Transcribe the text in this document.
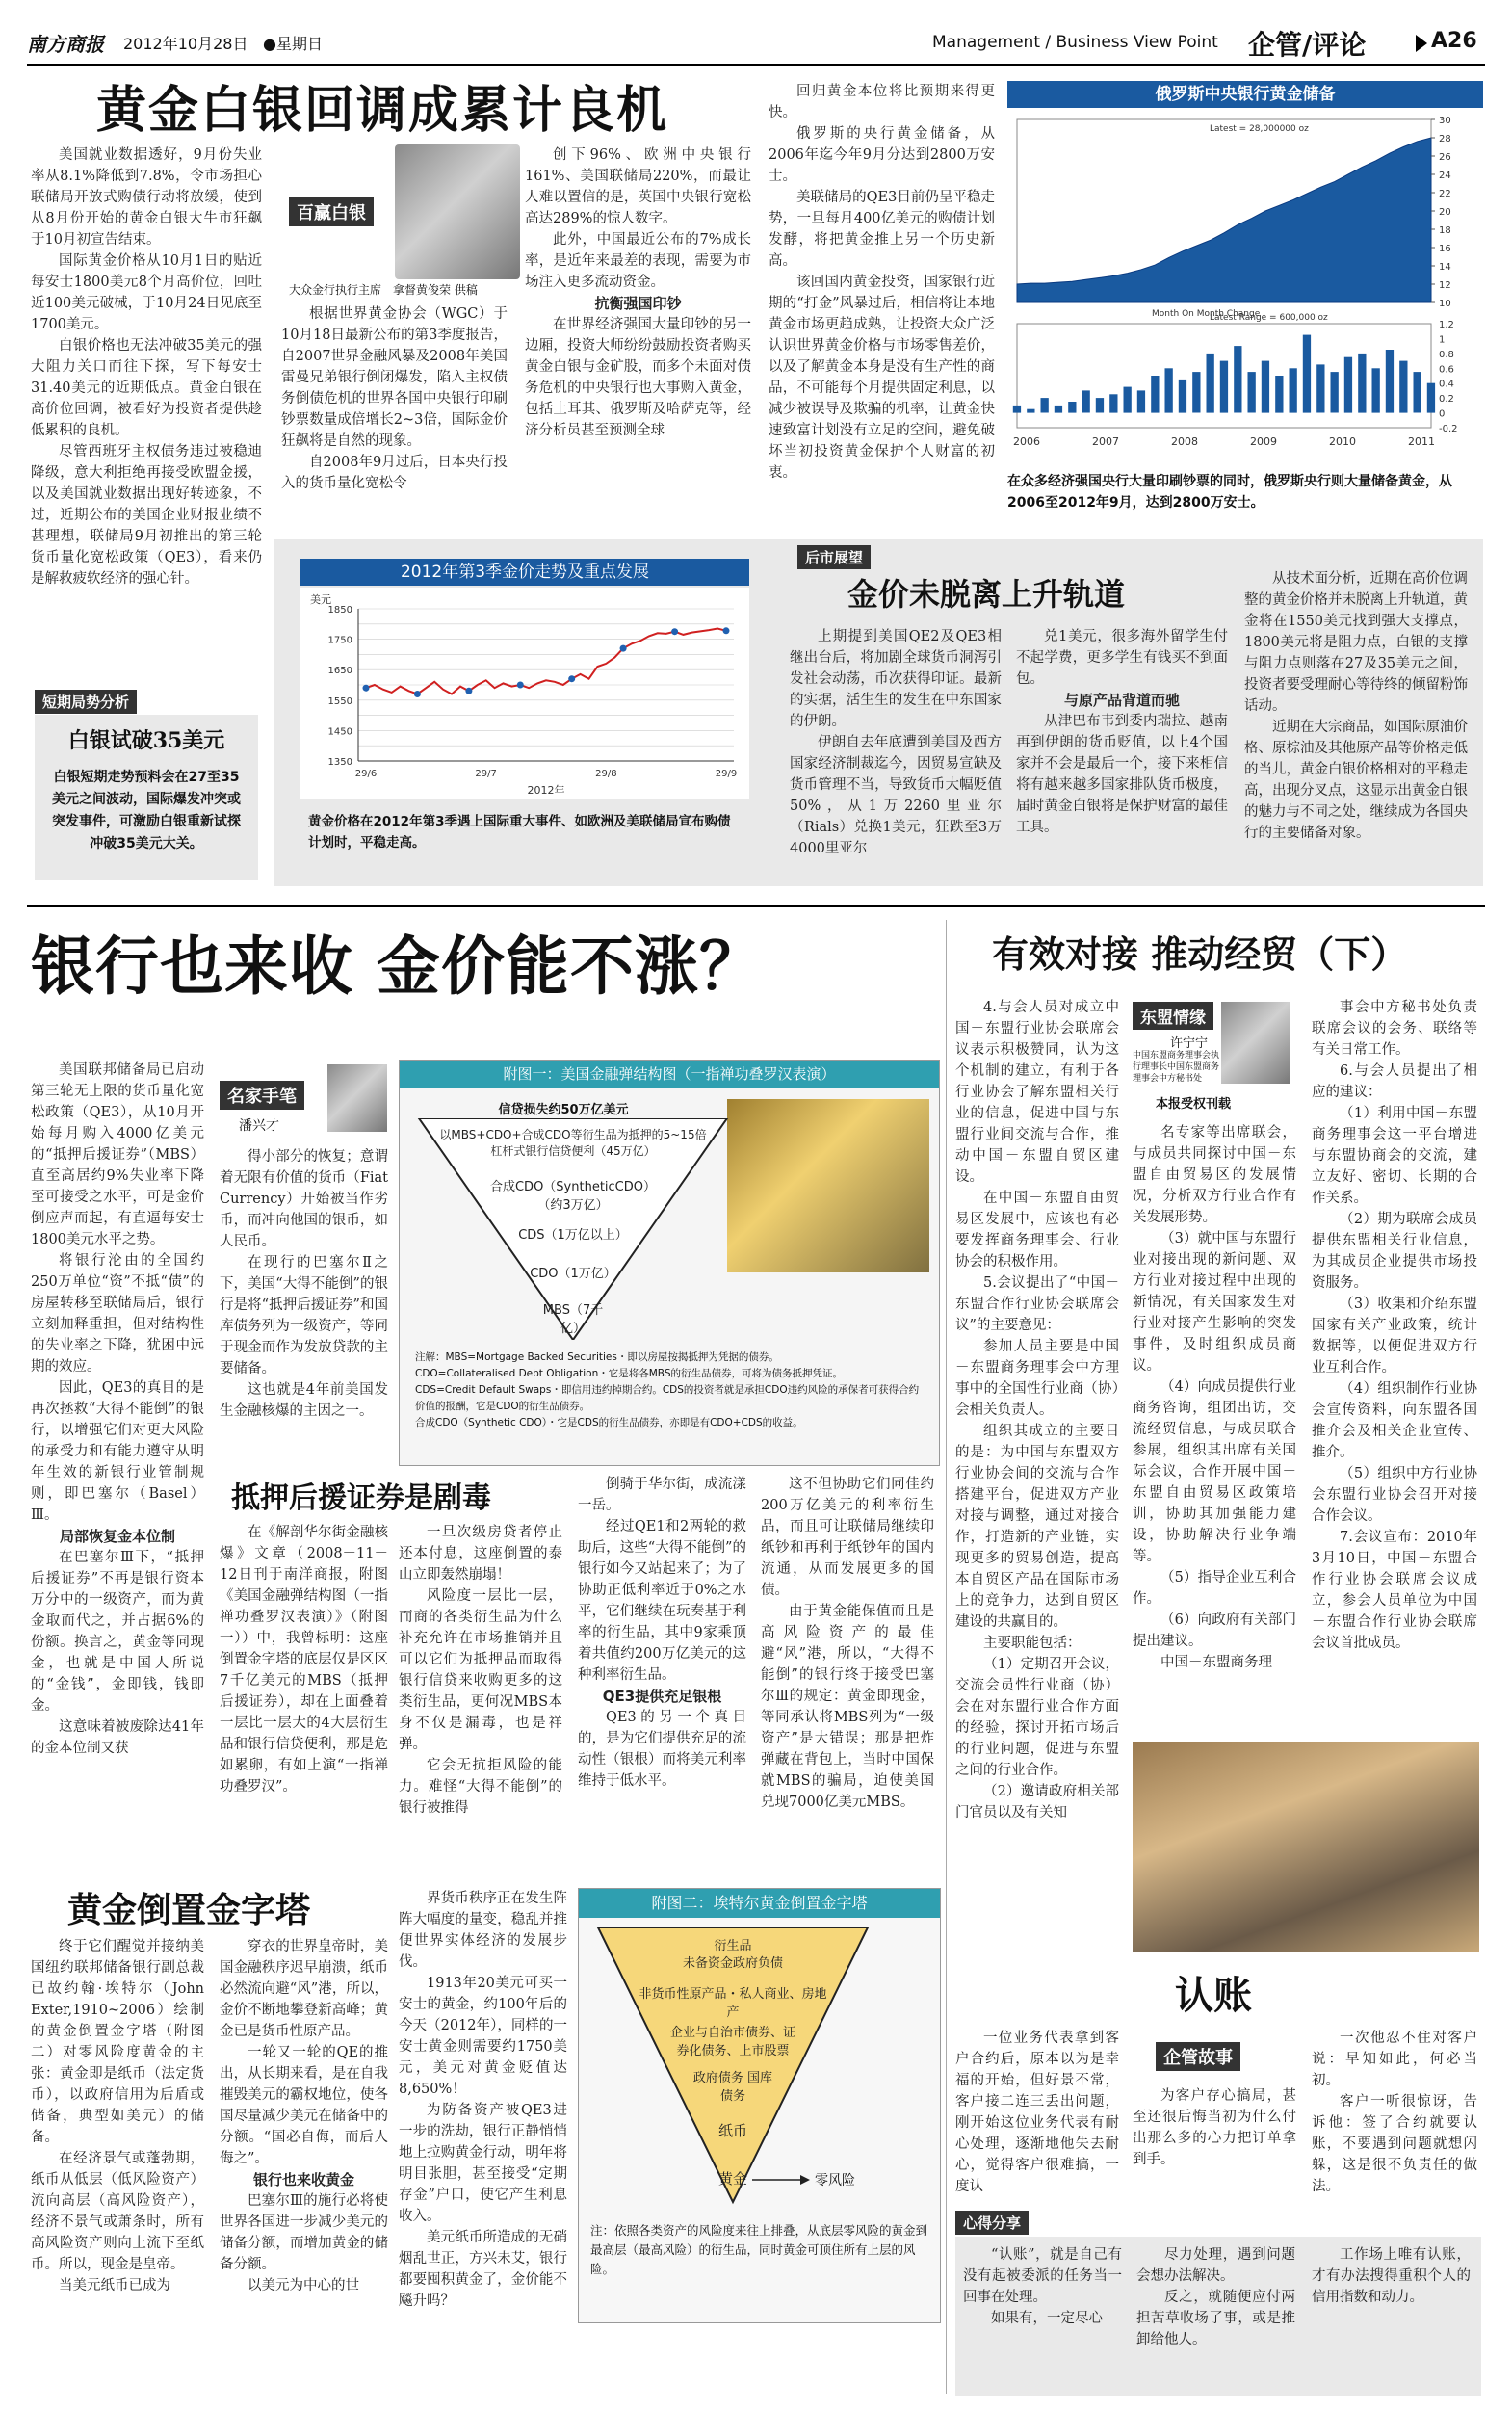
南方商报 2012年10月28日 ●星期日	Management / Business View Point 企管/评论	A26
黄金白银回调成累计良机

美国就业数据透好，9月份失业率从8.1%降低到7.8%，令市场担心联储局开放式购债行动将放缓，使到从8月份开始的黄金白银大牛市狂飙于10月初宣告结束。

国际黄金价格从10月1日的贴近每安士1800美元8个月高价位，回吐近100美元破械，于10月24日见底至1700美元。

白银价格也无法冲破35美元的强大阻力关口而往下探，写下每安士31.40美元的近期低点。黄金白银在高价位回调，被看好为投资者提供趁低累积的良机。

尽管西班牙主权债务违过被稳迪降级，意大利拒绝再接受欧盟金援，以及美国就业数据出现好转迹象，不过，近期公布的美国企业财报业绩不甚理想，联储局9月初推出的第三轮货币量化宽松政策（QE3），看来仍是解救疲软经济的强心针。

百赢白银
大众金行执行主席　拿督黄俊荣 供稿

根据世界黄金协会（WGC）于10月18日最新公布的第3季度报告，自2007世界金融风暴及2008年美国雷曼兄弟银行倒闭爆发，陷入主权债务倒债危机的世界各国中央银行印刷钞票数量成倍增长2~3倍，国际金价狂飙将是自然的现象。

自2008年9月过后，日本央行投入的货币量化宽松令

创下96%、欧洲中央银行161%、美国联储局220%，而最让人难以置信的是，英国中央银行宽松高达289%的惊人数字。

此外，中国最近公布的7%成长率，是近年来最差的表现，需要为市场注入更多流动资金。

抗衡强国印钞

在世界经济强国大量印钞的另一边厢，投资大师纷纷鼓励投资者购买黄金白银与金矿股，而多个未面对债务危机的中央银行也大事购入黄金，包括土耳其、俄罗斯及哈萨克等，经济分析员甚至预测全球

回归黄金本位将比预期来得更快。

俄罗斯的央行黄金储备，从2006年迄今年9月分达到2800万安士。

美联储局的QE3目前仍呈平稳走势，一旦每月400亿美元的购债计划发酵，将把黄金推上另一个历史新高。

该回国内黄金投资，国家银行近期的“打金”风暴过后，相信将让本地黄金市场更趋成熟，让投资大众广泛认识世界黄金价格与市场零售差价，以及了解黄金本身是没有生产性的商品，不可能每个月提供固定利息，以减少被误导及欺骗的机率，让黄金快速致富计划没有立足的空间，避免破坏当初投资黄金保护个人财富的初衷。

俄罗斯中央银行黄金储备
10
12
14
16
18
20
22
24
26
28
30
Latest = 28,000000 oz
Month On Month Change
-0.2
0
0.2
0.4
0.6
0.8
1
1.2
Latest Range = 600,000 oz
2006	2007	2008	2009	2010	2011
在众多经济强国央行大量印刷钞票的同时，俄罗斯央行则大量储备黄金，从2006至2012年9月，达到2800万安士。
短期局势分析
白银试破35美元
白银短期走势预料会在27至35美元之间波动，国际爆发冲突或突发事件，可激励白银重新试探冲破35美元大关。
2012年第3季金价走势及重点发展
美元
1350
1450
1550
1650
1750
1850
29/6	29/7	29/8	29/9
2012年
黄金价格在2012年第3季遇上国际重大事件、如欧洲及美联储局宣布购债计划时，平稳走高。
后市展望
金价未脱离上升轨道

上期提到美国QE2及QE3相继出台后，将加剧全球货币洞泻引发社会动荡，币次获得印证。最新的实据，活生生的发生在中东国家的伊朗。

伊朗自去年底遭到美国及西方国家经济制裁迄今，因贸易宣缺及货币管理不当，导致货币大幅贬值50%，从1万2260里亚尔（Rials）兑换1美元，狂跌至3万4000里亚尔

兑1美元，很多海外留学生付不起学费，更多学生有钱买不到面包。

与原产品背道而驰

从津巴布韦到委内瑞拉、越南再到伊朗的货币贬值，以上4个国家并不会是最后一个，接下来相信将有越来越多国家排队货币极度，届时黄金白银将是保护财富的最佳工具。

从技术面分析，近期在高价位调整的黄金价格并未脱离上升轨道，黄金将在1550美元找到强大支撑点，1800美元将是阻力点，白银的支撑与阻力点则落在27及35美元之间，投资者要受理耐心等待终的倾留粉饰话动。

近期在大宗商品，如国际原油价格、原棕油及其他原产品等价格走低的当儿，黄金白银价格相对的平稳走高，出现分叉点，这显示出黄金白银的魅力与不同之处，继续成为各国央行的主要储备对象。

银行也来收 金价能不涨？

美国联邦储备局已启动第三轮无上限的货币量化宽松政策（QE3），从10月开始每月购入4000亿美元的“抵押后援证券”（MBS）直至高居约9%失业率下降至可接受之水平，可是金价倒应声而起，有直逼每安士1800美元水平之势。

将银行沦由的全国约250万单位“资”不抵“债”的房屋转移至联储局后，银行立刻加释重担，但对结构性的失业率之下降，犹困中远期的效应。

因此，QE3的真目的是再次拯救“大得不能倒”的银行，以增强它们对更大风险的承受力和有能力遵守从明年生效的新银行业管制规则，即巴塞尔（Basel）Ⅲ。

局部恢复金本位制

在巴塞尔Ⅲ下，“抵押后援证券”不再是银行资本万分中的一级资产，而为黄金取而代之，并占据6%的份额。换言之，黄金等同现金，也就是中国人所说的“金钱”，金即钱，钱即金。

这意味着被废除达41年的金本位制又获

名家手笔
潘兴才

得小部分的恢复；意谓着无限有价值的货币（Fiat Currency）开始被当作劣币，而冲向他国的银币，如人民币。

在现行的巴塞尔Ⅱ之下，美国“大得不能倒”的银行是将“抵押后援证券”和国库债务列为一级资产，等同于现金而作为发放贷款的主要储备。

这也就是4年前美国发生金融核爆的主因之一。

附图一：美国金融弹结构图（一指禅功叠罗汉表演）
信贷损失约50万亿美元
以MBS+CDO+合成CDO等衍生品为抵押的5~15倍杠杆式银行信贷便利（45万亿）
合成CDO（SyntheticCDO）（约3万亿）
CDS（1万亿以上）
CDO（1万亿）
MBS（7千亿）
注解：MBS=Mortgage Backed Securities・即以房屋按揭抵押为凭据的债券。
CDO=Collateralised Debt Obligation・它是将各MBS的衍生品债券，可将为债务抵押凭证。
CDS=Credit Default Swaps・即信用违约掉期合约。CDS的投资者就是承担CDO违约风险的承保者可获得合约价值的报酬，它是CDO的衍生品债券。
合成CDO（Synthetic CDO）・它是CDS的衍生品债券，亦即是有CDO+CDS的收益。
抵押后援证券是剧毒

在《解剖华尔街金融核爆》文章（2008－11－12日刊于南洋商报，附图《美国金融弹结构图（一指禅功叠罗汉表演）》（附图一））中，我曾标明：这座倒置金字塔的底层仅是区区7千亿美元的MBS（抵押后援证券），却在上面叠着一层比一层大的4大层衍生品和银行信贷便利，那是危如累卵，有如上演“一指禅功叠罗汉”。

一旦次级房贷者停止还本付息，这座倒置的泰山立即轰然崩塌！

风险度一层比一层，而商的各类衍生品为什么补充允许在市场推销并且可以它们为抵押品而取得银行信贷来收购更多的这类衍生品，更何况MBS本身不仅是漏毒，也是祥弹。

它会无抗拒风险的能力。难怪“大得不能倒”的银行被推得

倒骑于华尔街，成流漾一岳。

经过QE1和2两轮的救助后，这些“大得不能倒”的银行如今又站起来了；为了协助正低利率近于0%之水平，它们继续在玩奏基于利率的衍生品，其中9家乘顶着共值约200万亿美元的这种利率衍生品。

QE3提供充足银根

QE3的另一个真目的，是为它们提供充足的流动性（银根）而将美元利率维持于低水平。

这不但协助它们同佳约200万亿美元的利率衍生品，而且可让联储局继续印纸钞和再利于纸钞年的国内流通，从而发展更多的国债。

由于黄金能保值而且是高风险资产的最佳避“风”港，所以，“大得不能倒”的银行终于接受巴塞尔Ⅲ的规定：黄金即现金，等同承认将MBS列为“一级资产”是大错误；那是把炸弹藏在背包上，当时中国保就MBS的骗局，迫使美国兑现7000亿美元MBS。

黄金倒置金字塔

终于它们醒觉并接纳美国纽约联邦储备银行副总裁已故约翰·埃特尔（John Exter,1910~2006）绘制的黄金倒置金字塔（附图二）对零风险度黄金的主张：黄金即是纸币（法定货币），以政府信用为后盾或储备，典型如美元）的储备。

在经济景气或蓬勃期，纸币从低层（低风险资产）流向高层（高风险资产），经济不景气或萧条时，所有高风险资产则向上流下至纸币。所以，现金是皇帝。

当美元纸币已成为

穿衣的世界皇帝时，美国金融秩序迟早崩溃，纸币必然流向避“风”港，所以，金价不断地攀登新高峰；黄金已是货币性原产品。

一轮又一轮的QE的推出，从长期来看，是在自我摧毁美元的霸权地位，使各国尽量减少美元在储备中的分额。“国必自侮，而后人侮之”。

银行也来收黄金

巴塞尔Ⅲ的施行必将使世界各国进一步减少美元的储备分额，而增加黄金的储备分额。

以美元为中心的世

界货币秩序正在发生阵阵大幅度的量变，稳乱并推便世界实体经济的发展步伐。

1913年20美元可买一安士的黄金，约100年后的今天（2012年），同样的一安士黄金则需要约1750美元，美元对黄金贬值达8,650%！

为防备资产被QE3进一步的洗劫，银行正静悄悄地上拉购黄金行动，明年将明目张胆，甚至接受“定期存金”户口，使它产生利息收入。

美元纸币所造成的无硝烟乱世正，方兴未艾，银行都要囤积黄金了，金价能不飚升吗？

附图二：埃特尔黄金倒置金字塔
衍生品
未备资金政府负债
非货币性原产品・私人商业、房地产
企业与自治市债券、证券化债务、上市股票
政府债务 国库债务
纸币
黄金	零风险
注：依照各类资产的风险度来往上排叠，从底层零风险的黄金到最高层（最高风险）的衍生品，同时黄金可顶住所有上层的风险。
有效对接 推动经贸（下）

4.与会人员对成立中国－东盟行业协会联席会议表示积极赞同，认为这个机制的建立，有利于各行业协会了解东盟相关行业的信息，促进中国与东盟行业间交流与合作，推动中国－东盟自贸区建设。

在中国－东盟自由贸易区发展中，应该也有必要发挥商务理事会、行业协会的积极作用。

5.会议提出了“中国－东盟合作行业协会联席会议”的主要意见：

参加人员主要是中国－东盟商务理事会中方理事中的全国性行业商（协）会相关负责人。

组织其成立的主要目的是：为中国与东盟双方行业协会间的交流与合作搭建平台，促进双方产业对接与调整，通过对接合作，打造新的产业链，实现更多的贸易创造，提高本自贸区产品在国际市场上的竞争力，达到自贸区建设的共赢目的。

主要职能包括：

（1）定期召开会议，交流会员性行业商（协）会在对东盟行业合作方面的经验，探讨开拓市场后的行业问题，促进与东盟之间的行业合作。

（2）邀请政府相关部门官员以及有关知

东盟情缘
许宁宁
中国东盟商务理事会执行理事长中国东盟商务理事会中方秘书处
本报受权刊载

名专家等出席联会，与成员共同探讨中国－东盟自由贸易区的发展情况，分析双方行业合作有关发展形势。

（3）就中国与东盟行业对接出现的新问题、双方行业对接过程中出现的新情况，有关国家发生对行业对接产生影响的突发事件，及时组织成员商议。

（4）向成员提供行业商务咨询，组团出访，交流经贸信息，与成员联合参展，组织其出席有关国际会议，合作开展中国－东盟自由贸易区政策培训，协助其加强能力建设，协助解决行业争端等。

（5）指导企业互利合作。

（6）向政府有关部门提出建议。

中国－东盟商务理

事会中方秘书处负责联席会议的会务、联络等有关日常工作。

6.与会人员提出了相应的建议：

（1）利用中国－东盟商务理事会这一平台增进与东盟协商会的交流，建立友好、密切、长期的合作关系。

（2）期为联席会成员提供东盟相关行业信息，为其成员企业提供市场投资服务。

（3）收集和介绍东盟国家有关产业政策，统计数据等，以便促进双方行业互利合作。

（4）组织制作行业协会宣传资料，向东盟各国推介会及相关企业宣传、推介。

（5）组织中方行业协会东盟行业协会召开对接合作会议。

7.会议宣布：2010年3月10日，中国－东盟合作行业协会联席会议成立，参会人员单位为中国－东盟合作行业协会联席会议首批成员。

认账

一位业务代表拿到客户合约后，原本以为是幸福的开始，但好景不常，客户接二连三丢出问题，刚开始这位业务代表有耐心处理，逐渐地他失去耐心，觉得客户很难搞，一度认

企管故事

为客户存心搞局，甚至还很后悔当初为什么付出那么多的心力把订单拿到手。

一次他忍不住对客户说：早知如此，何必当初。

客户一听很惊讶，告诉他：签了合约就要认账，不要遇到问题就想闪躲，这是很不负责任的做法。

心得分享

“认账”，就是自己有没有起被委派的任务当一回事在处理。

如果有，一定尽心

尽力处理，遇到问题会想办法解决。

反之，就随便应付两担苦草收场了事，或是推卸给他人。

工作场上唯有认账，才有办法搜得重积个人的信用指数和动力。
